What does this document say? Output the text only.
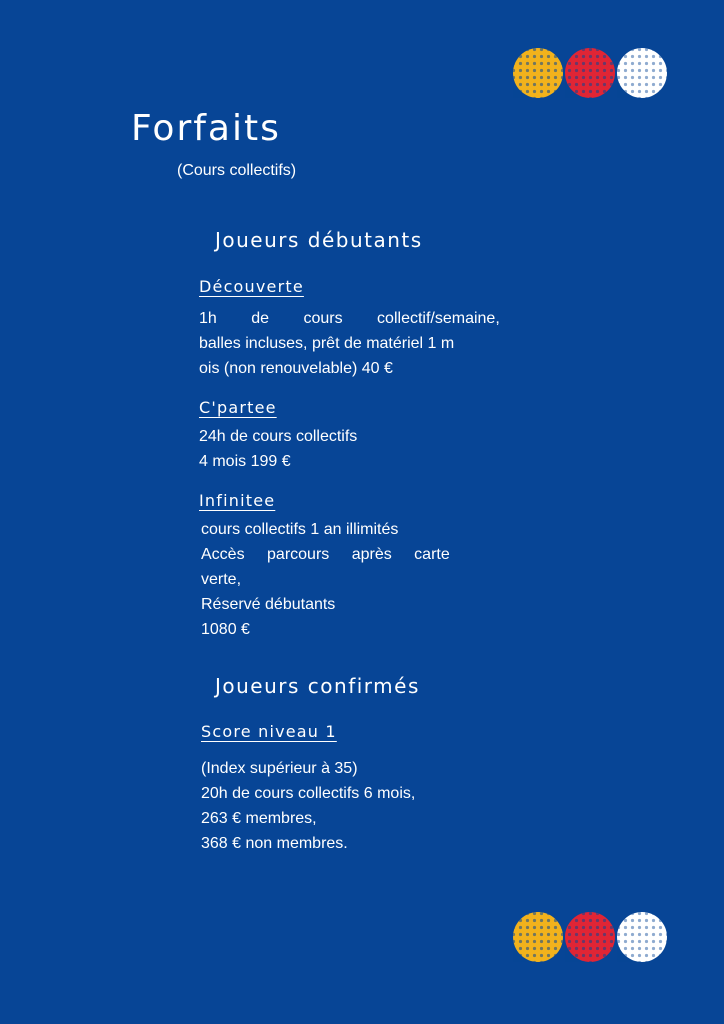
Forfaits
(Cours collectifs)
Joueurs débutants
Découverte
1h de cours collectif/semaine,
balles incluses, prêt de matériel 1 m
ois (non renouvelable) 40 €
C'partee
24h de cours collectifs
4 mois 199 €
Infinitee
cours collectifs 1 an illimités
Accès parcours après carte
verte,
Réservé débutants
1080 €
Joueurs confirmés
Score niveau 1
(Index supérieur à 35)
20h de cours collectifs 6 mois,
263 € membres,
368 € non membres.
